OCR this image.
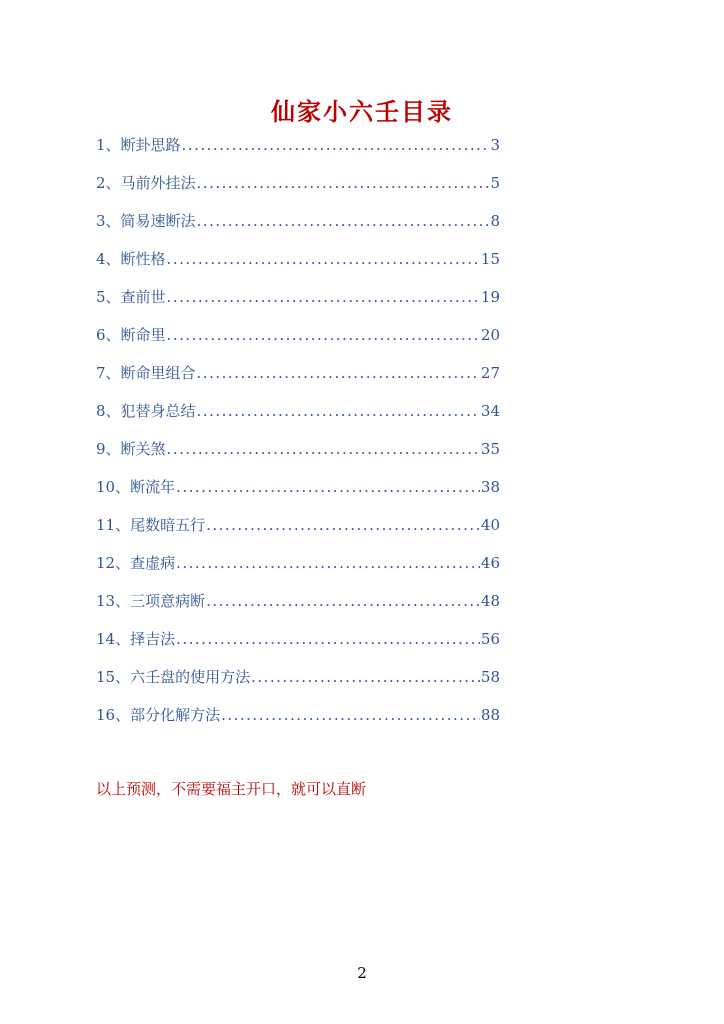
仙家小六壬目录
1、断卦思路 .....	3
2、马前外挂法 .....	5
3、简易速断法 .....	8
4、断性格 .....	15
5、查前世 .....	19
6、断命里 .....	20
7、断命里组合 .....	27
8、犯替身总结 .....	34
9、断关煞 .....	35
10、断流年 .....	38
11、尾数暗五行 .....	40
12、查虚病 .....	46
13、三项意病断 .....	48
14、择吉法 .....	56
15、六壬盘的使用方法 .....	58
16、部分化解方法 .....	88
以上预测，不需要福主开口，就可以直断
2
